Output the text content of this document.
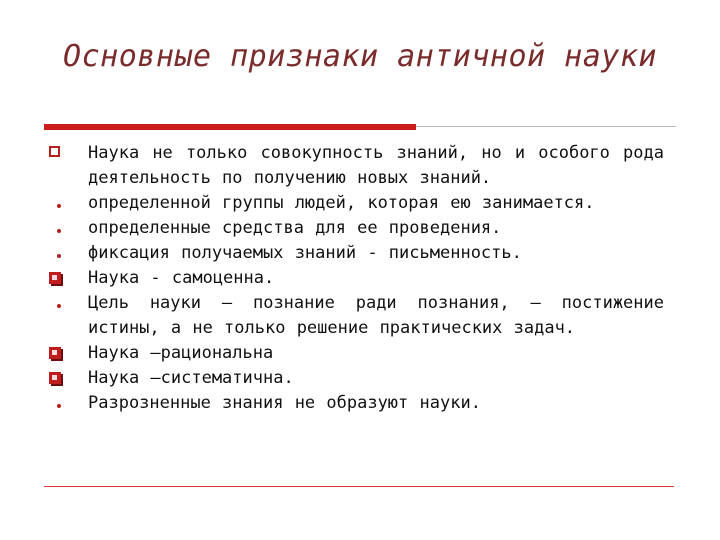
Основные признаки античной науки
Наука не только совокупность знаний, но и особого рода деятельность по получению новых знаний.
определенной группы людей, которая ею занимается.
определенные средства для ее проведения.
фиксация получаемых знаний - письменность.
Наука - самоценна.
Цель науки – познание ради познания, – постижение истины, а не только решение практических задач.
Наука –рациональна
Наука –систематична.
Разрозненные знания не образуют науки.
